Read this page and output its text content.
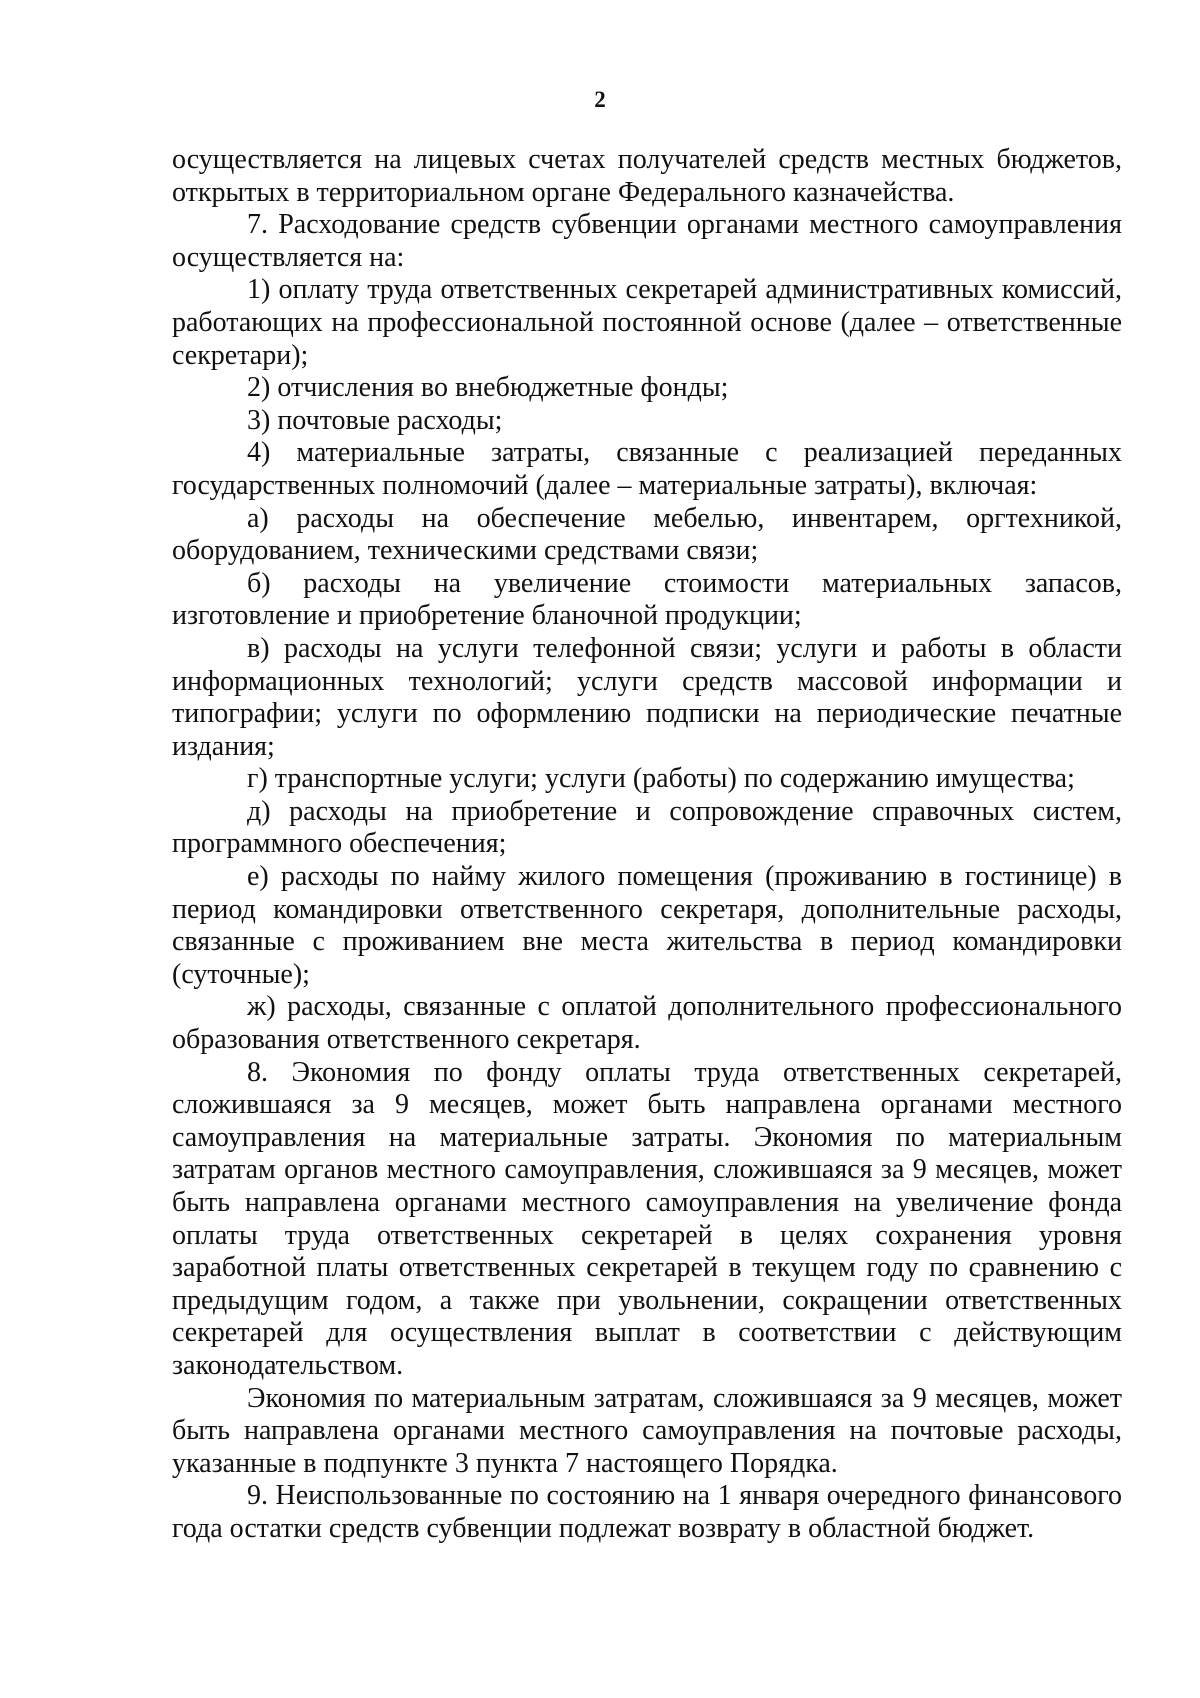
2

осуществляется на лицевых счетах получателей средств местных бюджетов, открытых в территориальном органе Федерального казначейства.

7. Расходование средств субвенции органами местного самоуправления осуществляется на:

1) оплату труда ответственных секретарей административных комиссий, работающих на профессиональной постоянной основе (далее – ответственные секретари);

2) отчисления во внебюджетные фонды;

3) почтовые расходы;

4) материальные затраты, связанные с реализацией переданных государственных полномочий (далее – материальные затраты), включая:

а) расходы на обеспечение мебелью, инвентарем, оргтехникой, оборудованием, техническими средствами связи;

б) расходы на увеличение стоимости материальных запасов, изготовление и приобретение бланочной продукции;

в) расходы на услуги телефонной связи; услуги и работы в области информационных технологий; услуги средств массовой информации и типографии; услуги по оформлению подписки на периодические печатные издания;

г) транспортные услуги; услуги (работы) по содержанию имущества;

д) расходы на приобретение и сопровождение справочных систем, программного обеспечения;

е) расходы по найму жилого помещения (проживанию в гостинице) в период командировки ответственного секретаря, дополнительные расходы, связанные с проживанием вне места жительства в период командировки (суточные);

ж) расходы, связанные с оплатой дополнительного профессионального образования ответственного секретаря.

8. Экономия по фонду оплаты труда ответственных секретарей, сложившаяся за 9 месяцев, может быть направлена органами местного самоуправления на материальные затраты. Экономия по материальным затратам органов местного самоуправления, сложившаяся за 9 месяцев, может быть направлена органами местного самоуправления на увеличение фонда оплаты труда ответственных секретарей в целях сохранения уровня заработной платы ответственных секретарей в текущем году по сравнению с предыдущим годом, а также при увольнении, сокращении ответственных секретарей для осуществления выплат в соответствии с действующим законодательством.

Экономия по материальным затратам, сложившаяся за 9 месяцев, может быть направлена органами местного самоуправления на почтовые расходы, указанные в подпункте 3 пункта 7 настоящего Порядка.

9. Неиспользованные по состоянию на 1 января очередного финансового года остатки средств субвенции подлежат возврату в областной бюджет.
